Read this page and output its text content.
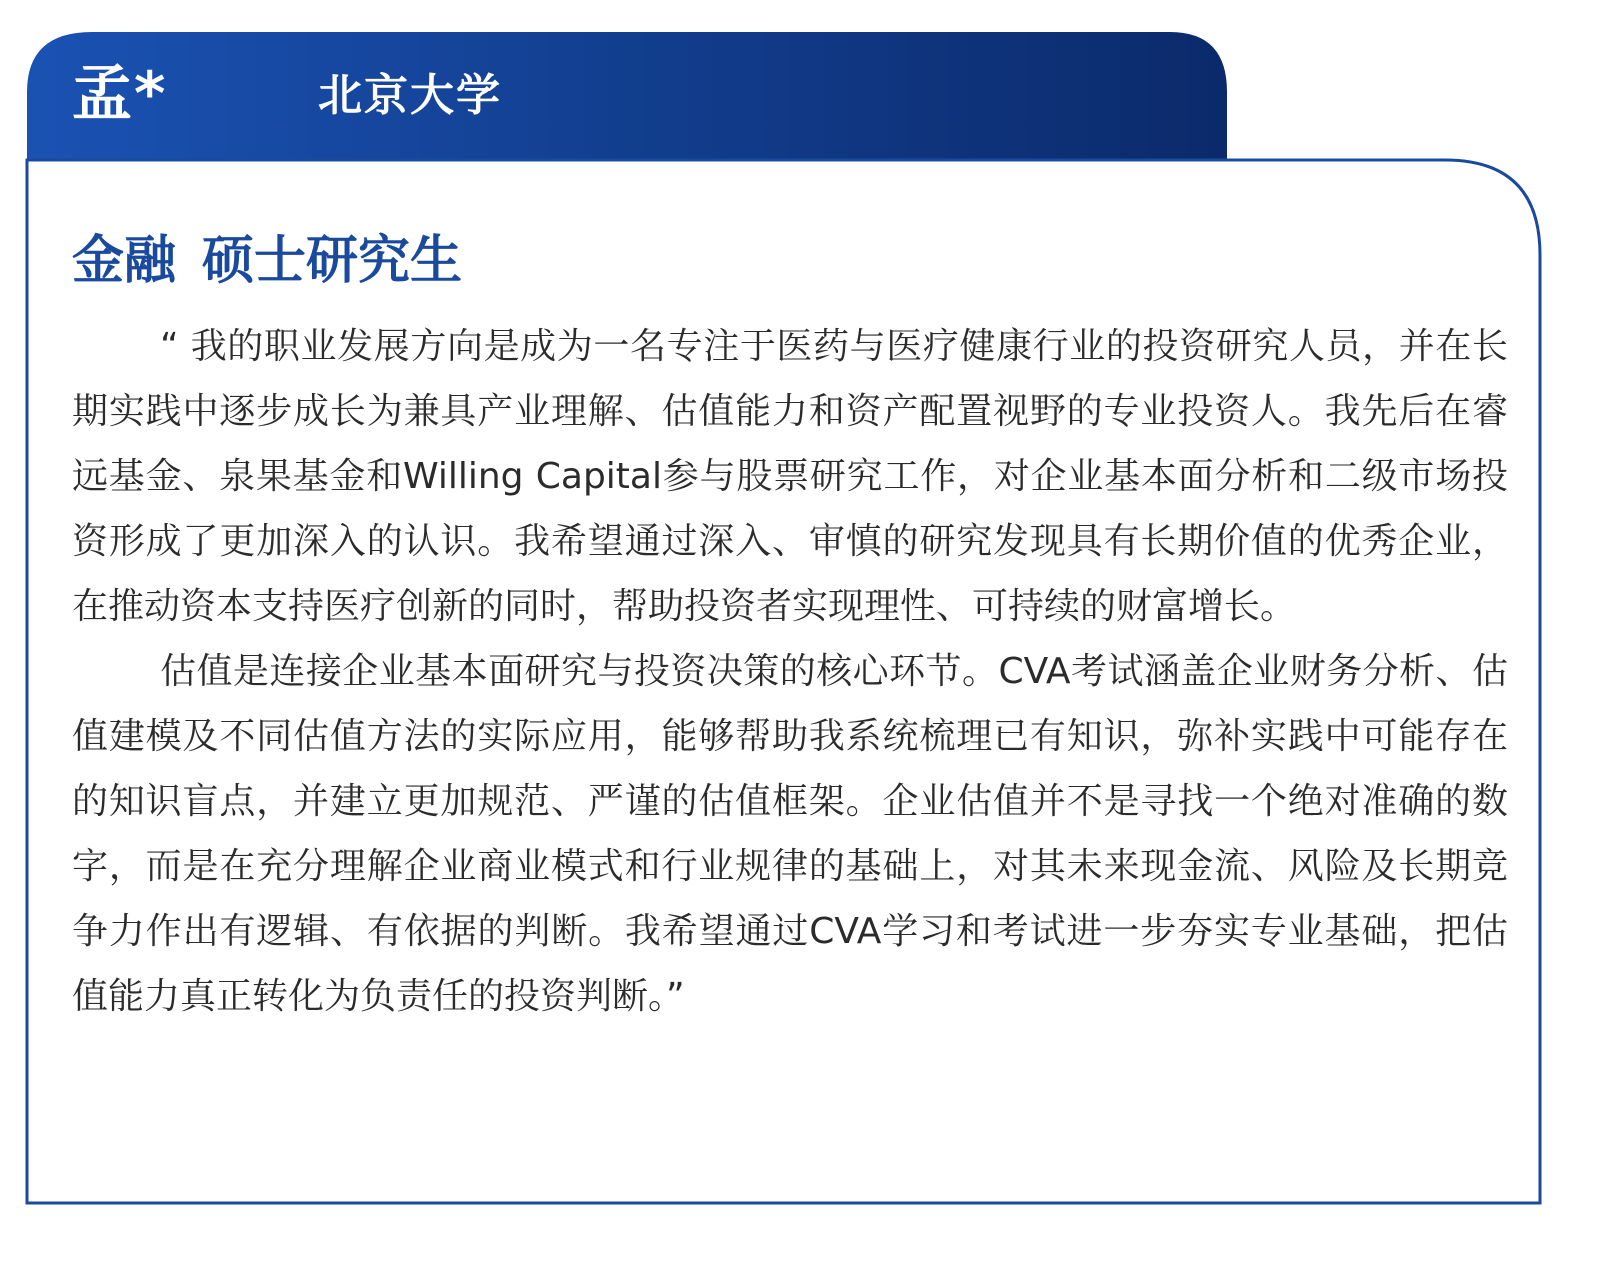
孟*	北京大学
金融 硕士研究生

“ 我的职业发展方向是成为一名专注于医药与医疗健康行业的投资研究人员，并在长期实践中逐步成长为兼具产业理解、估值能力和资产配置视野的专业投资人。我先后在睿远基金、泉果基金和Willing Capital参与股票研究工作，对企业基本面分析和二级市场投资形成了更加深入的认识。我希望通过深入、审慎的研究发现具有长期价值的优秀企业，在推动资本支持医疗创新的同时，帮助投资者实现理性、可持续的财富增长。

估值是连接企业基本面研究与投资决策的核心环节。CVA考试涵盖企业财务分析、估值建模及不同估值方法的实际应用，能够帮助我系统梳理已有知识，弥补实践中可能存在的知识盲点，并建立更加规范、严谨的估值框架。企业估值并不是寻找一个绝对准确的数字，而是在充分理解企业商业模式和行业规律的基础上，对其未来现金流、风险及长期竞争力作出有逻辑、有依据的判断。我希望通过CVA学习和考试进一步夯实专业基础，把估值能力真正转化为负责任的投资判断。”
